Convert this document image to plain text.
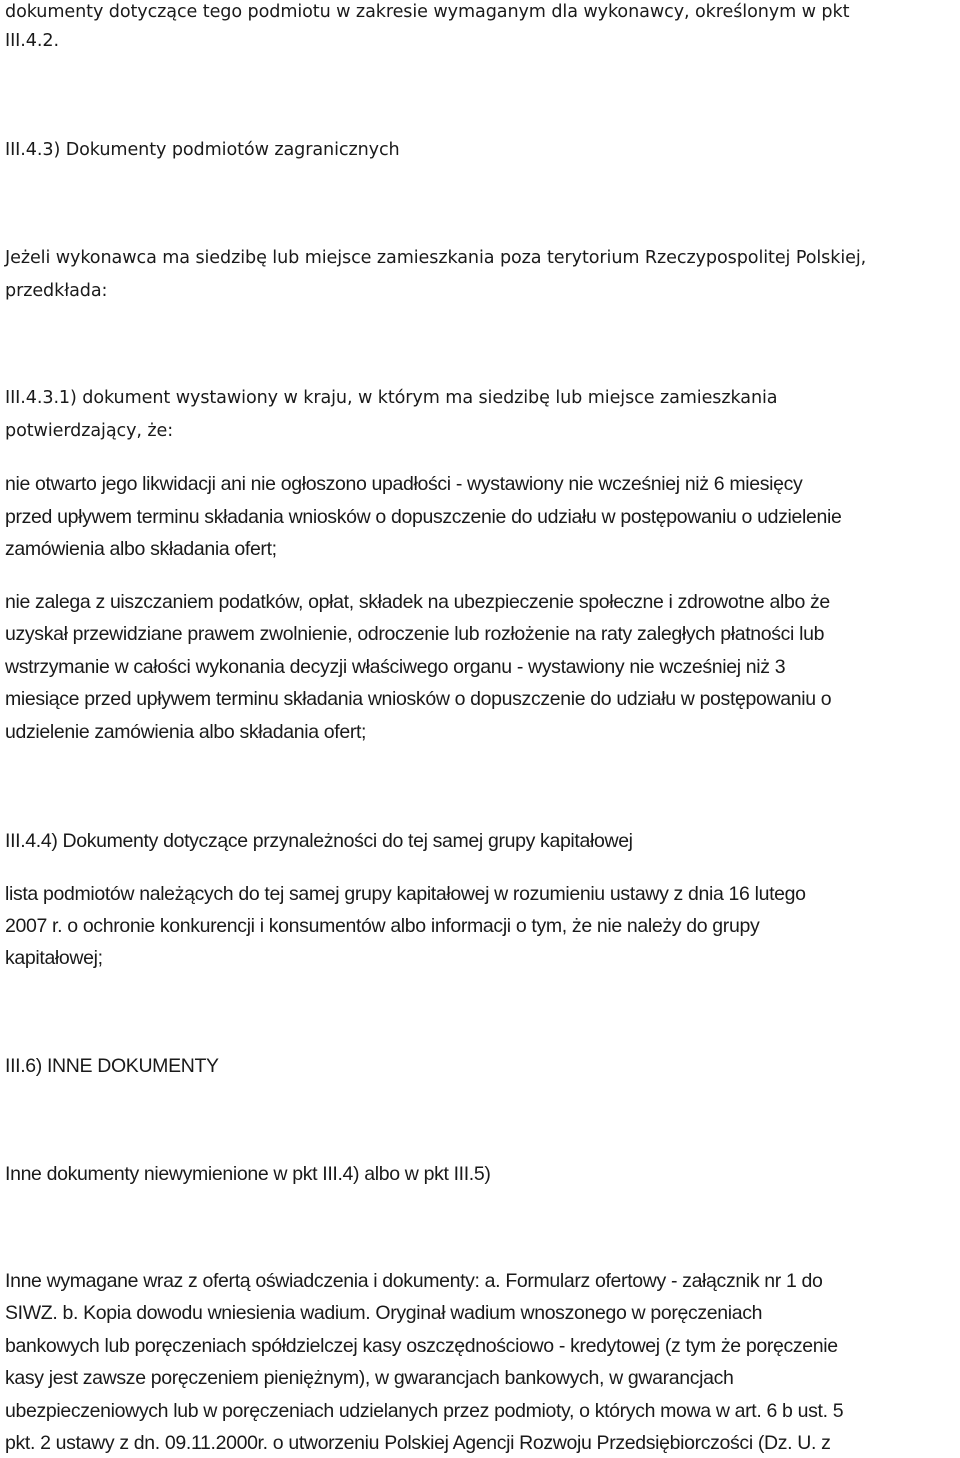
dokumenty dotyczące tego podmiotu w zakresie wymaganym dla wykonawcy, określonym w pkt
III.4.2.
III.4.3) Dokumenty podmiotów zagranicznych
Jeżeli wykonawca ma siedzibę lub miejsce zamieszkania poza terytorium Rzeczypospolitej Polskiej,
przedkłada:
III.4.3.1) dokument wystawiony w kraju, w którym ma siedzibę lub miejsce zamieszkania
potwierdzający, że:
nie otwarto jego likwidacji ani nie ogłoszono upadłości - wystawiony nie wcześniej niż 6 miesięcy
przed upływem terminu składania wniosków o dopuszczenie do udziału w postępowaniu o udzielenie
zamówienia albo składania ofert;
nie zalega z uiszczaniem podatków, opłat, składek na ubezpieczenie społeczne i zdrowotne albo że
uzyskał przewidziane prawem zwolnienie, odroczenie lub rozłożenie na raty zaległych płatności lub
wstrzymanie w całości wykonania decyzji właściwego organu - wystawiony nie wcześniej niż 3
miesiące przed upływem terminu składania wniosków o dopuszczenie do udziału w postępowaniu o
udzielenie zamówienia albo składania ofert;
III.4.4) Dokumenty dotyczące przynależności do tej samej grupy kapitałowej
lista podmiotów należących do tej samej grupy kapitałowej w rozumieniu ustawy z dnia 16 lutego
2007 r. o ochronie konkurencji i konsumentów albo informacji o tym, że nie należy do grupy
kapitałowej;
III.6) INNE DOKUMENTY
Inne dokumenty niewymienione w pkt III.4) albo w pkt III.5)
Inne wymagane wraz z ofertą oświadczenia i dokumenty: a. Formularz ofertowy - załącznik nr 1 do
SIWZ. b. Kopia dowodu wniesienia wadium. Oryginał wadium wnoszonego w poręczeniach
bankowych lub poręczeniach spółdzielczej kasy oszczędnościowo - kredytowej (z tym że poręczenie
kasy jest zawsze poręczeniem pieniężnym), w gwarancjach bankowych, w gwarancjach
ubezpieczeniowych lub w poręczeniach udzielanych przez podmioty, o których mowa w art. 6 b ust. 5
pkt. 2 ustawy z dn. 09.11.2000r. o utworzeniu Polskiej Agencji Rozwoju Przedsiębiorczości (Dz. U. z
